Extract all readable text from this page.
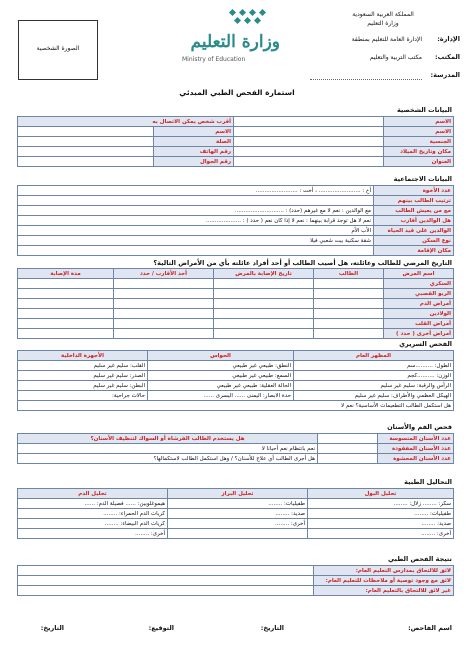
المملكة العربية السعودية
وزارة التعليم
الإدارة:
الإدارة العامة للتعليم بمنطقة
المكتب:
مكتب التربية والتعليم
المدرسة:
وزارة التعليم
Ministry of Education
الصورة الشخصية
استمارة الفحص الطبي المبدئي
البيانات الشخصية
الاسم		أقرب شخص يمكن الاتصال به	
الاسم		الاسم	
الجنسية		الصلة	
مكان وتاريخ الميلاد		رقم الهاتف	
العنوان		رقم الجوال	
البيانات الاجتماعية
عدد الأخوة	أخ : ........................ ، أخت : ........................
ترتيب الطالب بينهم	
مع من يعيش الطالب	مع الوالدين : نعم لا مع غيرهم (حدد) : ............................
هل الوالدين أقارب	نعم لا هل توجد قرابة بينهما : نعم لا إذا كان نعم ( حدد ) : ....................
الوالدين على قيد الحياة	الأب الأم
نوع السكن	شقة سكنية بيت شعبي فيلا
مكان الإقامة	
التاريخ المرضي للطالب وعائلته، هل أصيب الطالب أو أحد أفراد عائلته بأي من الأمراض التالية؟
اسم المرض	الطالب	تاريخ الإصابة بالمرض	أحد الأقارب / حدد	مدة الإصابة
السكري				
الربو القصبي				
أمراض الدم				
الولادين				
أمراض القلب				
أمراض أخرى ( حدد )				
الفحص السريري
المظهر العام	الحواس	الأجهزة الداخلية
الطول: ..........سم	النطق: طبيعي غير طبيعي	القلب: سليم غير سليم
الوزن: ..........كجم	السمع: طبيعي غير طبيعي	الصدر: سليم غير سليم
الرأس والرقبة: سليم غير سليم	الحالة العقلية: طبيعي غير طبيعي	البطن: سليم غير سليم
الهيكل العظمي والأطراف: سليم غير سليم	حدة الابصار: اليمنى ...... اليسرى ......	حالات جراحية:
هل استكمل الطالب التطعيمات الأساسية؟ نعم لا		
فحص الفم والأسنان
عدد الأسنان المتسوسة		هل يستخدم الطالب الفرشاة أو السواك لتنظيف الأسنان؟
عدد الأسنان المفقودة		نعم بانتظام نعم أحيانا لا
عدد الأسنان المحشوة		هل أجرى الطالب أي علاج للأسنان؟ / وهل استكمل الطالب لاستكمالها؟
التحاليل الطبية
تحليل البول	تحليل البراز	تحليل الدم
سكر: ........ زلال: ........	طفيليات: ........	هيموغلوبين: ...... فصيلة الدم: ......
طفيليات: ........	صديد: ........	كريات الدم الحمراء: ........
صديد: ........	أخرى: ........	كريات الدم البيضاء: ........
أخرى: ........		أخرى: ........
نتيجة الفحص الطبي
لائق للالتحاق بمدارس التعليم العام:	
لائق مع وجود توصية أو ملاحظات للتعليم العام:	
غير لائق للالتحاق بالتعليم العام:	
اسم الفاحص:
التاريخ:
التوقيع:
التاريخ:
